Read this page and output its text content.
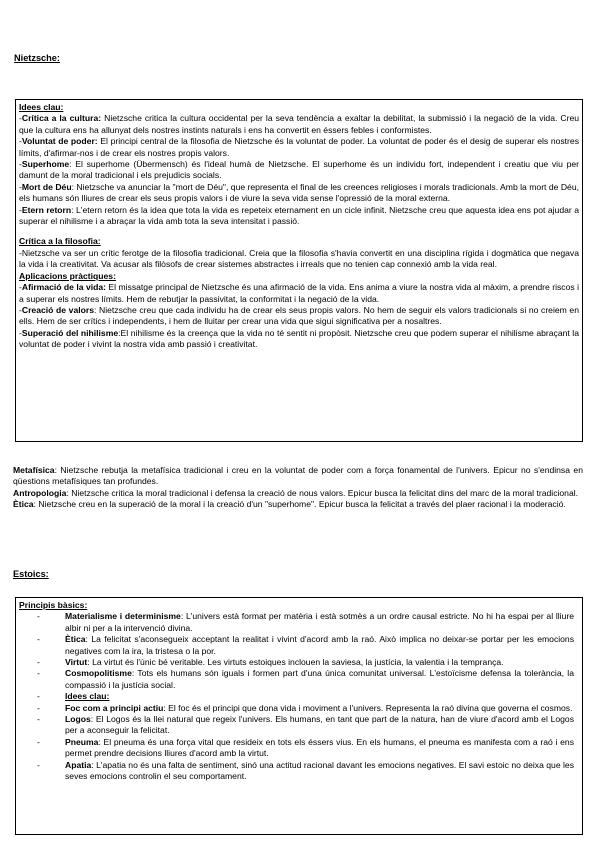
Nietzsche:

Idees clau:

-Crítica a la cultura: Nietzsche critica la cultura occidental per la seva tendència a exaltar la debilitat, la submissió i la negació de la vida. Creu que la cultura ens ha allunyat dels nostres instints naturals i ens ha convertit en éssers febles i conformistes.

-Voluntat de poder: El principi central de la filosofia de Nietzsche és la voluntat de poder. La voluntat de poder és el desig de superar els nostres límits, d'afirmar-nos i de crear els nostres propis valors.

-Superhome: El superhome (Übermensch) és l'ideal humà de Nietzsche. El superhome és un individu fort, independent i creatiu que viu per damunt de la moral tradicional i els prejudicis socials.

-Mort de Déu: Nietzsche va anunciar la "mort de Déu", que representa el final de les creences religioses i morals tradicionals. Amb la mort de Déu, els humans són lliures de crear els seus propis valors i de viure la seva vida sense l'opressió de la moral externa.

-Etern retorn: L'etern retorn és la idea que tota la vida es repeteix eternament en un cicle infinit. Nietzsche creu que aquesta idea ens pot ajudar a superar el nihilisme i a abraçar la vida amb tota la seva intensitat i passió.

Crítica a la filosofia:

-Nietzsche va ser un crític ferotge de la filosofia tradicional. Creia que la filosofia s'havia convertit en una disciplina rígida i dogmàtica que negava la vida i la creativitat. Va acusar als filòsofs de crear sistemes abstractes i irreals que no tenien cap connexió amb la vida real.

Aplicacions pràctiques:

-Afirmació de la vida: El missatge principal de Nietzsche és una afirmació de la vida. Ens anima a viure la nostra vida al màxim, a prendre riscos i a superar els nostres límits. Hem de rebutjar la passivitat, la conformitat i la negació de la vida.

-Creació de valors: Nietzsche creu que cada individu ha de crear els seus propis valors. No hem de seguir els valors tradicionals si no creiem en ells. Hem de ser crítics i independents, i hem de lluitar per crear una vida que sigui significativa per a nosaltres.

-Superació del nihilisme:El nihilisme és la creença que la vida no té sentit ni propòsit. Nietzsche creu que podem superar el nihilisme abraçant la voluntat de poder i vivint la nostra vida amb passió i creativitat.

Metafísica: Nietzsche rebutja la metafísica tradicional i creu en la voluntat de poder com a força fonamental de l'univers. Epicur no s'endinsa en qüestions metafísiques tan profundes.

Antropologia: Nietzsche critica la moral tradicional i defensa la creació de nous valors. Epicur busca la felicitat dins del marc de la moral tradicional.

Ètica: Nietzsche creu en la superació de la moral i la creació d'un "superhome". Epicur busca la felicitat a través del plaer racional i la moderació.

Estoics:

Principis bàsics:

-	Materialisme i determinisme: L'univers està format per matèria i està sotmès a un ordre causal estricte. No hi ha espai per al lliure albir ni per a la intervenció divina.
-	Ètica: La felicitat s'aconsegueix acceptant la realitat i vivint d'acord amb la raó. Això implica no deixar-se portar per les emocions negatives com la ira, la tristesa o la por.
-	Virtut: La virtut és l'únic bé veritable. Les virtuts estoiques inclouen la saviesa, la justícia, la valentia i la temprança.
-	Cosmopolitisme: Tots els humans són iguals i formen part d'una única comunitat universal. L'estoïcisme defensa la tolerància, la compassió i la justícia social.
-	Idees clau:
-	Foc com a principi actiu: El foc és el principi que dona vida i moviment a l'univers. Representa la raó divina que governa el cosmos.
-	Logos: El Logos és la llei natural que regeix l'univers. Els humans, en tant que part de la natura, han de viure d'acord amb el Logos per a aconseguir la felicitat.
-	Pneuma: El pneuma és una força vital que resideix en tots els éssers vius. En els humans, el pneuma es manifesta com a raó i ens permet prendre decisions lliures d'acord amb la virtut.
-	Apatia: L'apatia no és una falta de sentiment, sinó una actitud racional davant les emocions negatives. El savi estoic no deixa que les seves emocions controlin el seu comportament.
